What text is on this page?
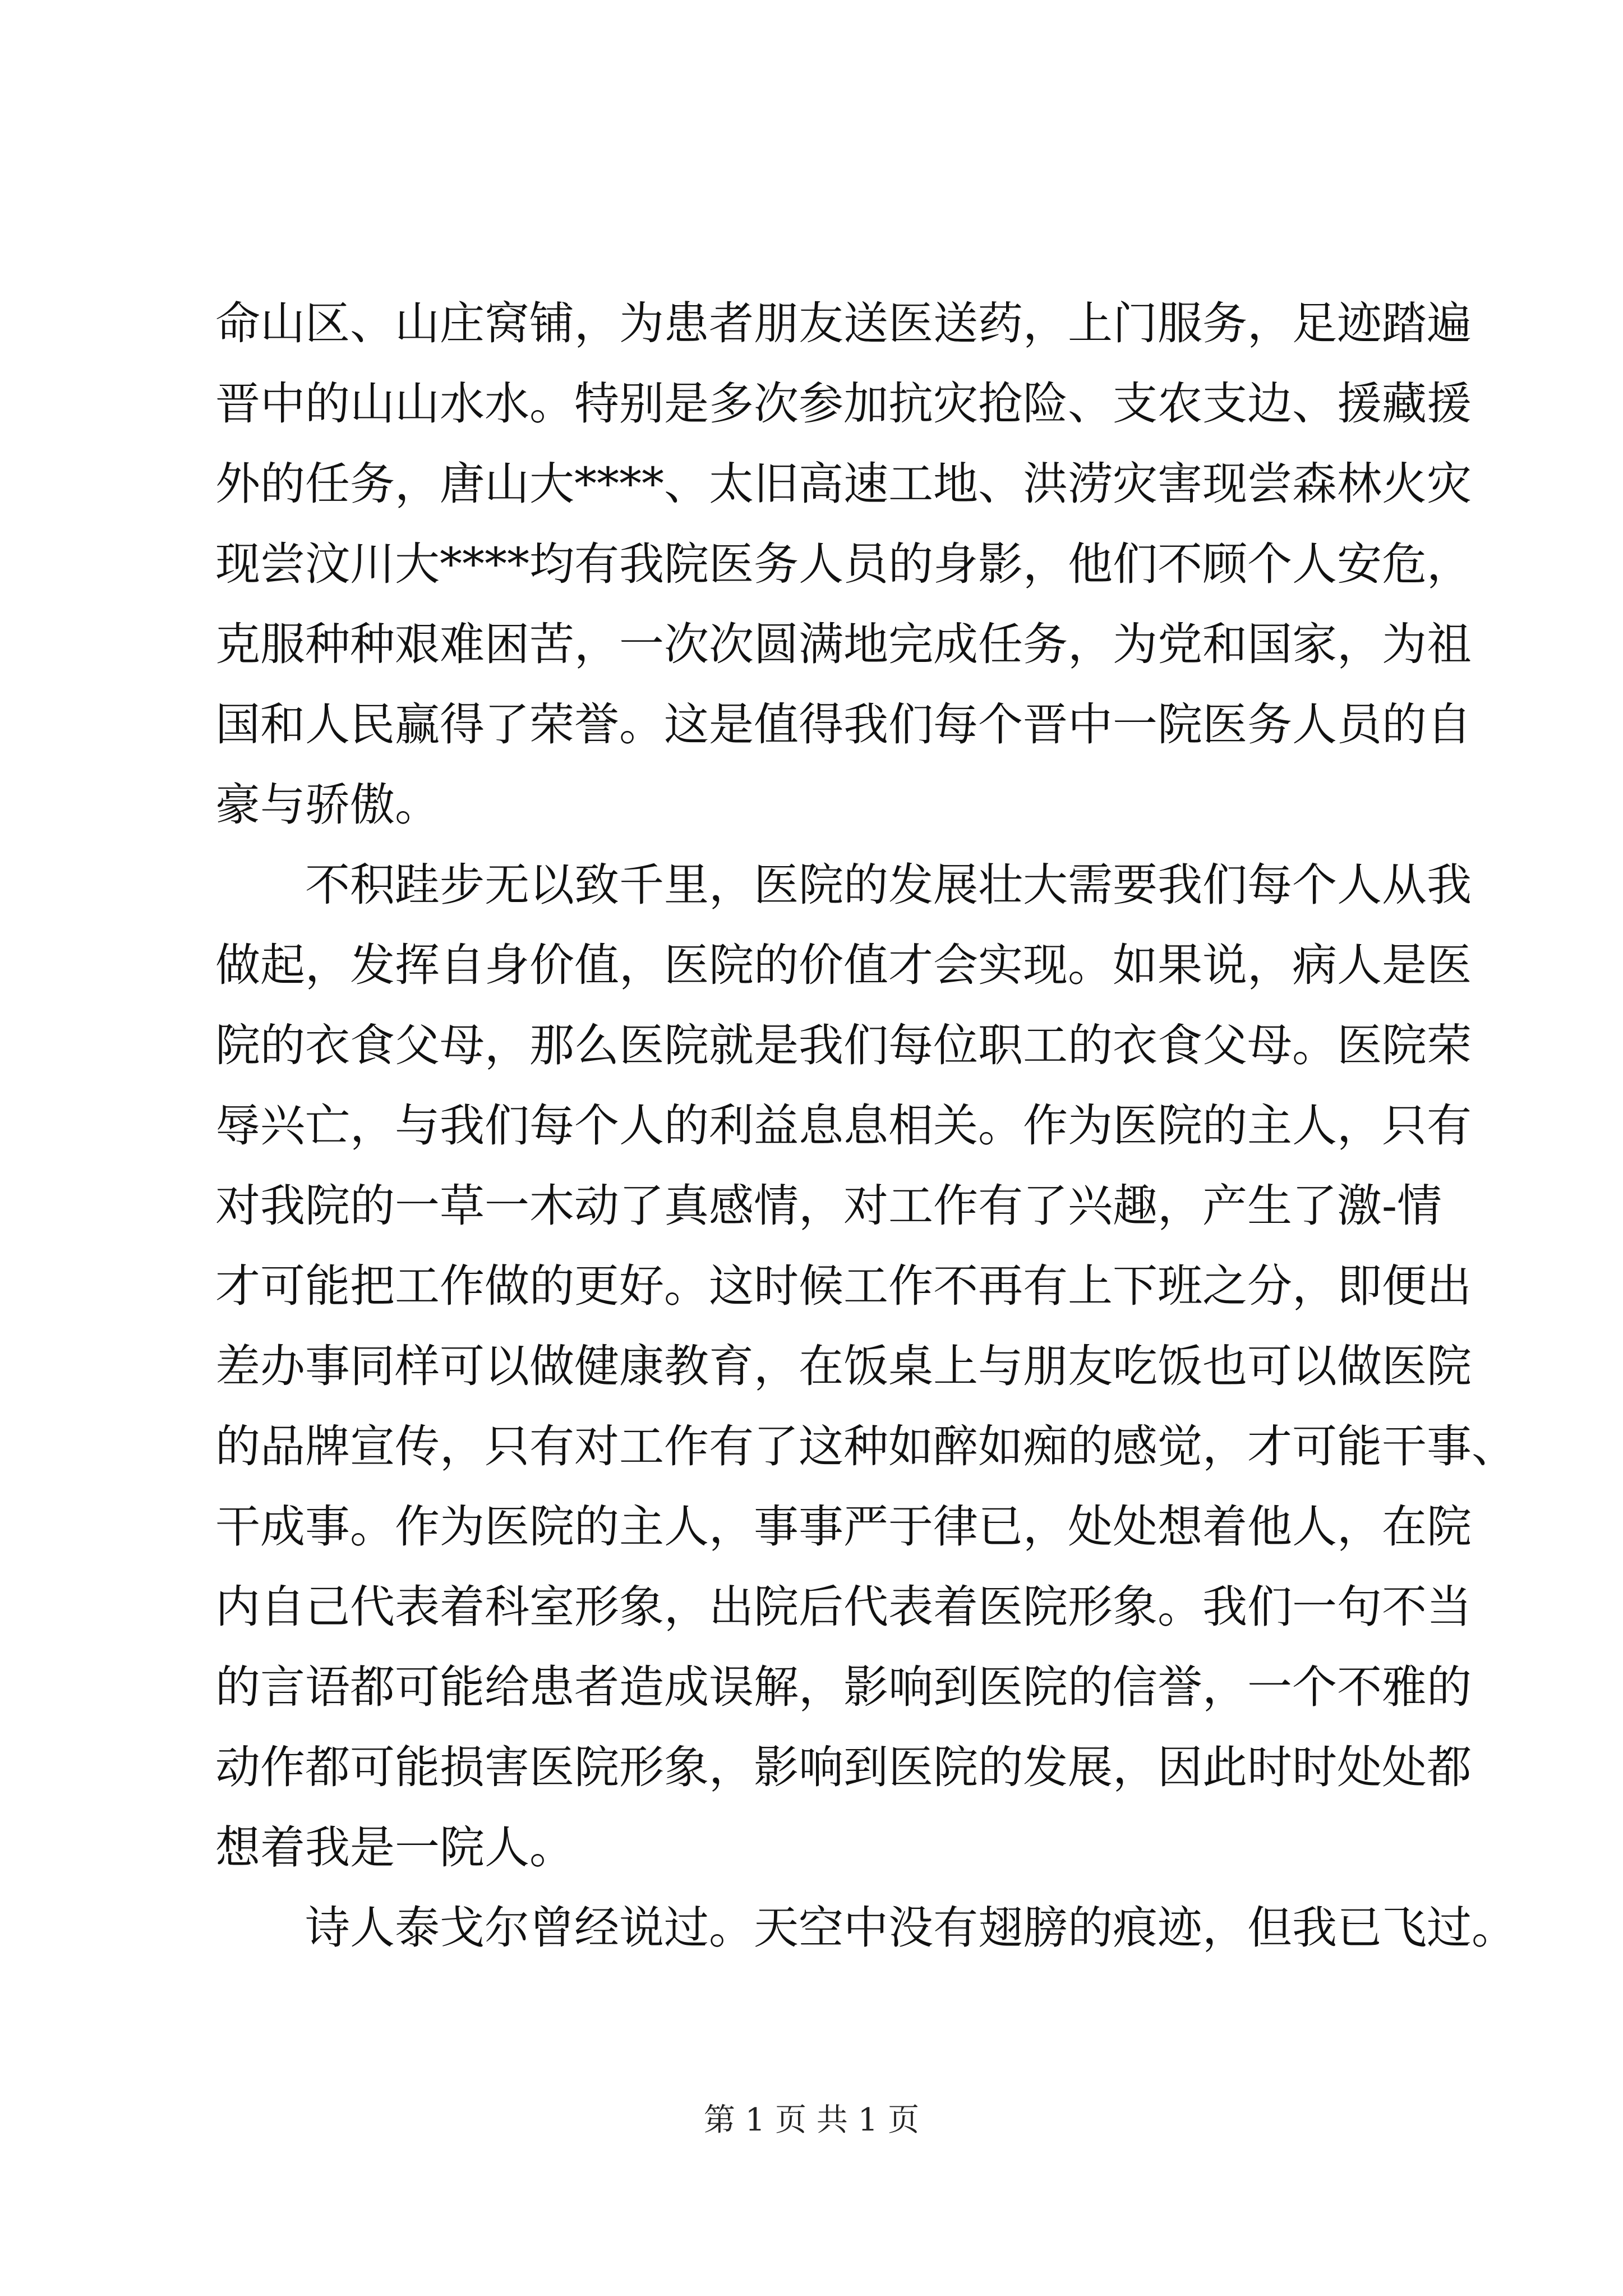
命山区、山庄窝铺，为患者朋友送医送药，上门服务，足迹踏遍
晋中的山山水水。特别是多次参加抗灾抢险、支农支边、援藏援
外的任务，唐山大****、太旧高速工地、洪涝灾害现尝森林火灾
现尝汶川大****均有我院医务人员的身影，他们不顾个人安危，
克服种种艰难困苦，一次次圆满地完成任务，为党和国家，为祖
国和人民赢得了荣誉。这是值得我们每个晋中一院医务人员的自
豪与骄傲。
不积跬步无以致千里，医院的发展壮大需要我们每个人从我
做起，发挥自身价值，医院的价值才会实现。如果说，病人是医
院的衣食父母，那么医院就是我们每位职工的衣食父母。医院荣
辱兴亡，与我们每个人的利益息息相关。作为医院的主人，只有
对我院的一草一木动了真感情，对工作有了兴趣，产生了激-情
才可能把工作做的更好。这时候工作不再有上下班之分，即便出
差办事同样可以做健康教育，在饭桌上与朋友吃饭也可以做医院
的品牌宣传，只有对工作有了这种如醉如痴的感觉，才可能干事、
干成事。作为医院的主人，事事严于律已，处处想着他人，在院
内自己代表着科室形象，出院后代表着医院形象。我们一句不当
的言语都可能给患者造成误解，影响到医院的信誉，一个不雅的
动作都可能损害医院形象，影响到医院的发展，因此时时处处都
想着我是一院人。
诗人泰戈尔曾经说过。天空中没有翅膀的痕迹，但我已飞过。
第 1 页 共 1 页
